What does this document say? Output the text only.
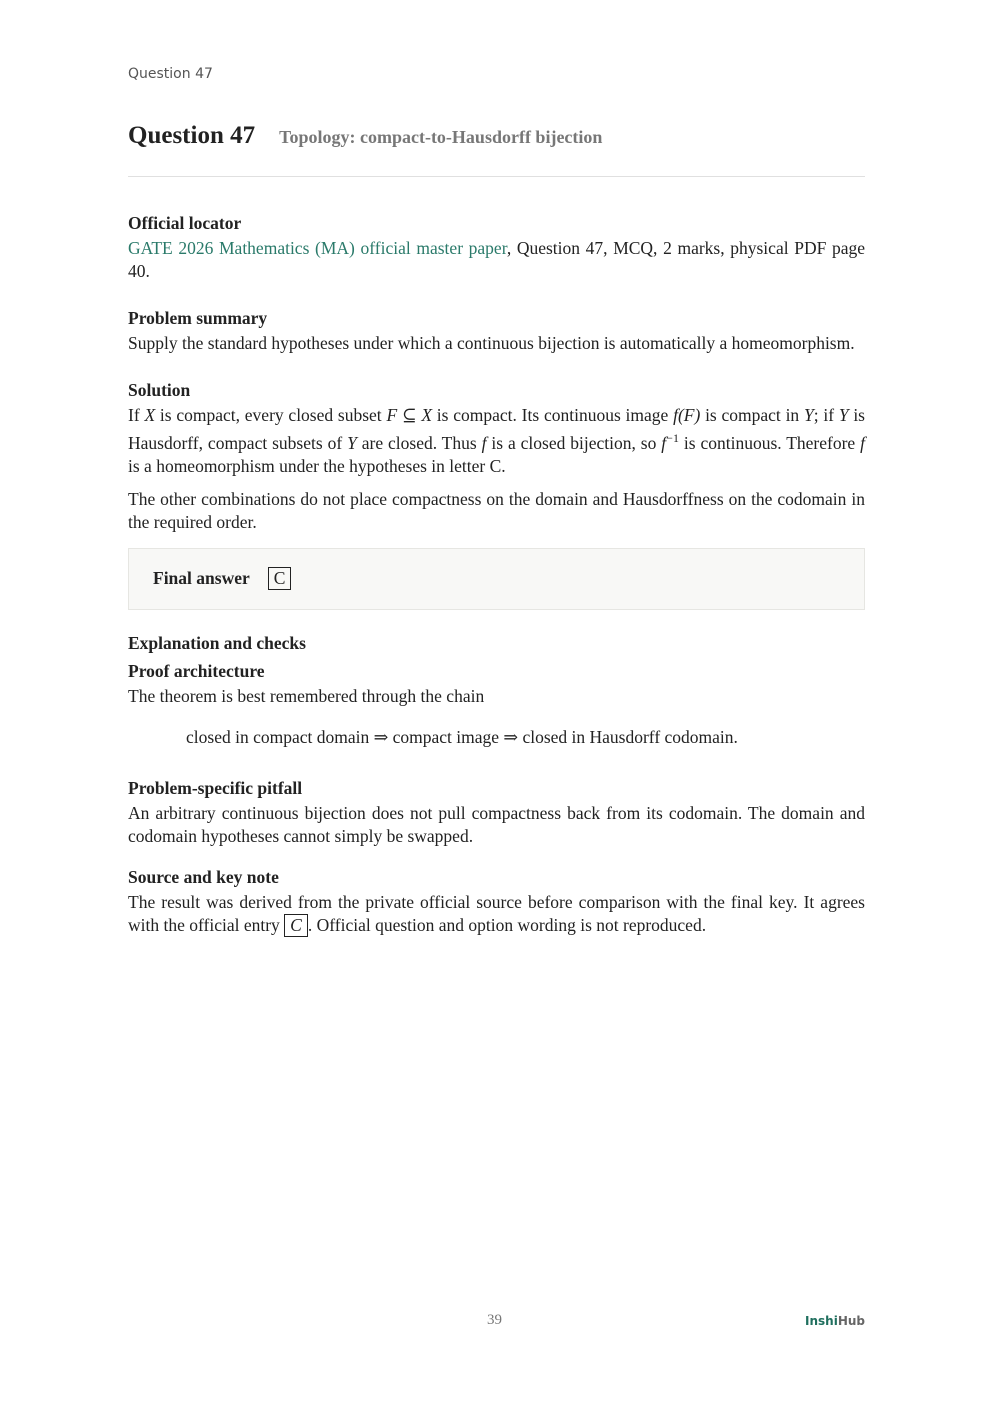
Question 47
Question 47 Topology: compact-to-Hausdorff bijection
Official locator

GATE 2026 Mathematics (MA) official master paper, Question 47, MCQ, 2 marks, physical PDF page 40.

Problem summary

Supply the standard hypotheses under which a continuous bijection is automatically a homeomorphism.

Solution

If X is compact, every closed subset F ⊆ X is compact. Its continuous image f(F) is compact in Y; if Y is Hausdorff, compact subsets of Y are closed. Thus f is a closed bijection, so $f^{-1}$ is continuous. Therefore f is a homeomorphism under the hypotheses in letter C.

The other combinations do not place compactness on the domain and Hausdorffness on the codomain in the required order.

Final answer	C
Explanation and checks
Proof architecture

The theorem is best remembered through the chain

closed in compact domain ⇒ compact image ⇒ closed in Hausdorff codomain.
Problem-specific pitfall

An arbitrary continuous bijection does not pull compactness back from its codomain. The domain and codomain hypotheses cannot simply be swapped.

Source and key note

The result was derived from the private official source before comparison with the final key. It agrees with the official entry C . Official question and option wording is not reproduced.

39	InshiHub
